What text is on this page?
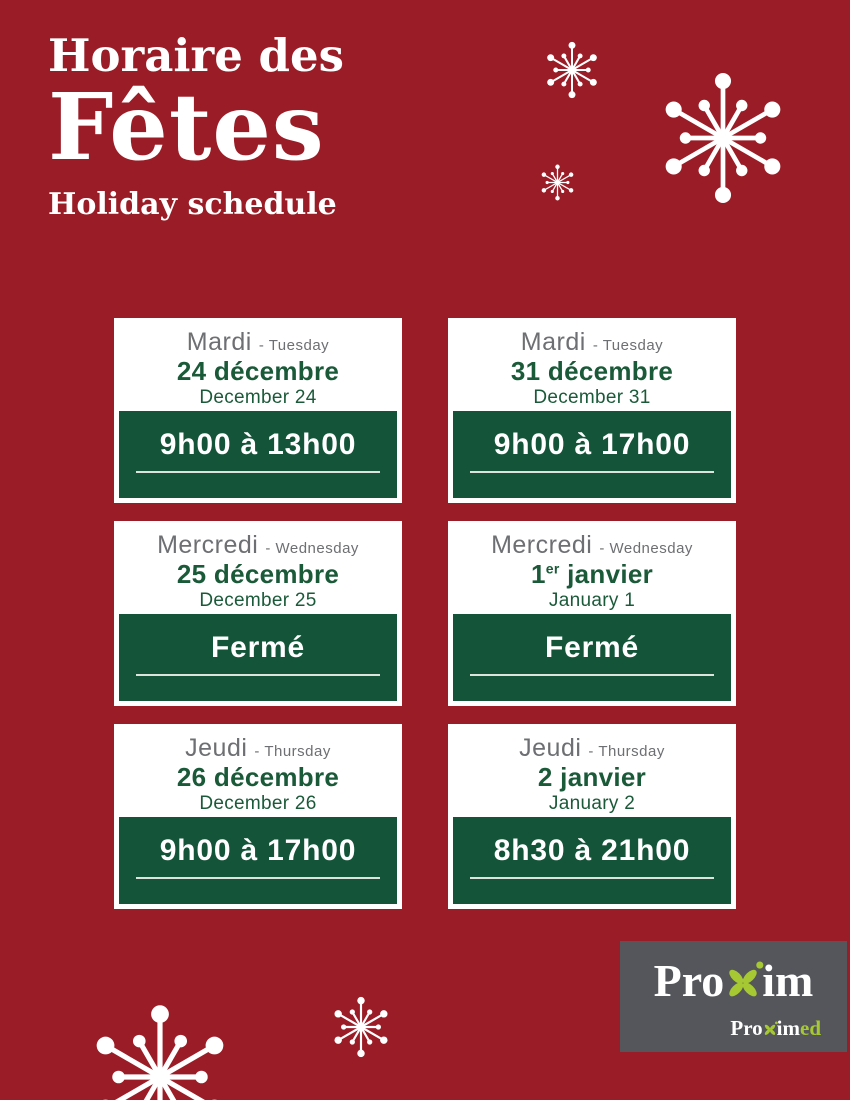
Horaire des
Fêtes
Holiday schedule
Mardi - Tuesday
24 décembre
December 24
9h00 à 13h00
Mardi - Tuesday
31 décembre
December 31
9h00 à 17h00
Mercredi - Wednesday
25 décembre
December 25
Fermé
Mercredi - Wednesday
1er janvier
January 1
Fermé
Jeudi - Thursday
26 décembre
December 26
9h00 à 17h00
Jeudi - Thursday
2 janvier
January 2
8h30 à 21h00
Pro im
Pro im ed
